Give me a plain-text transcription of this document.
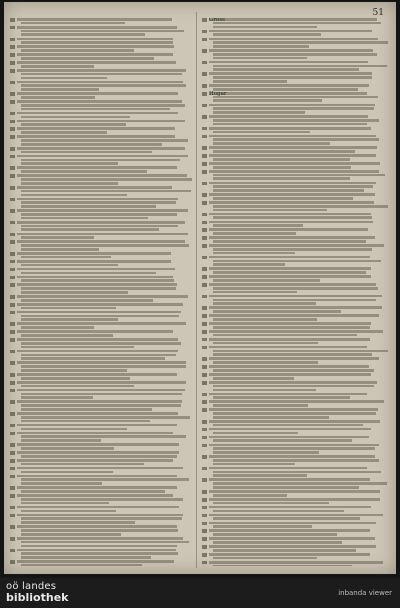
51
Gross
Hogar
oö landes
bibliothek	inbanda viewer
